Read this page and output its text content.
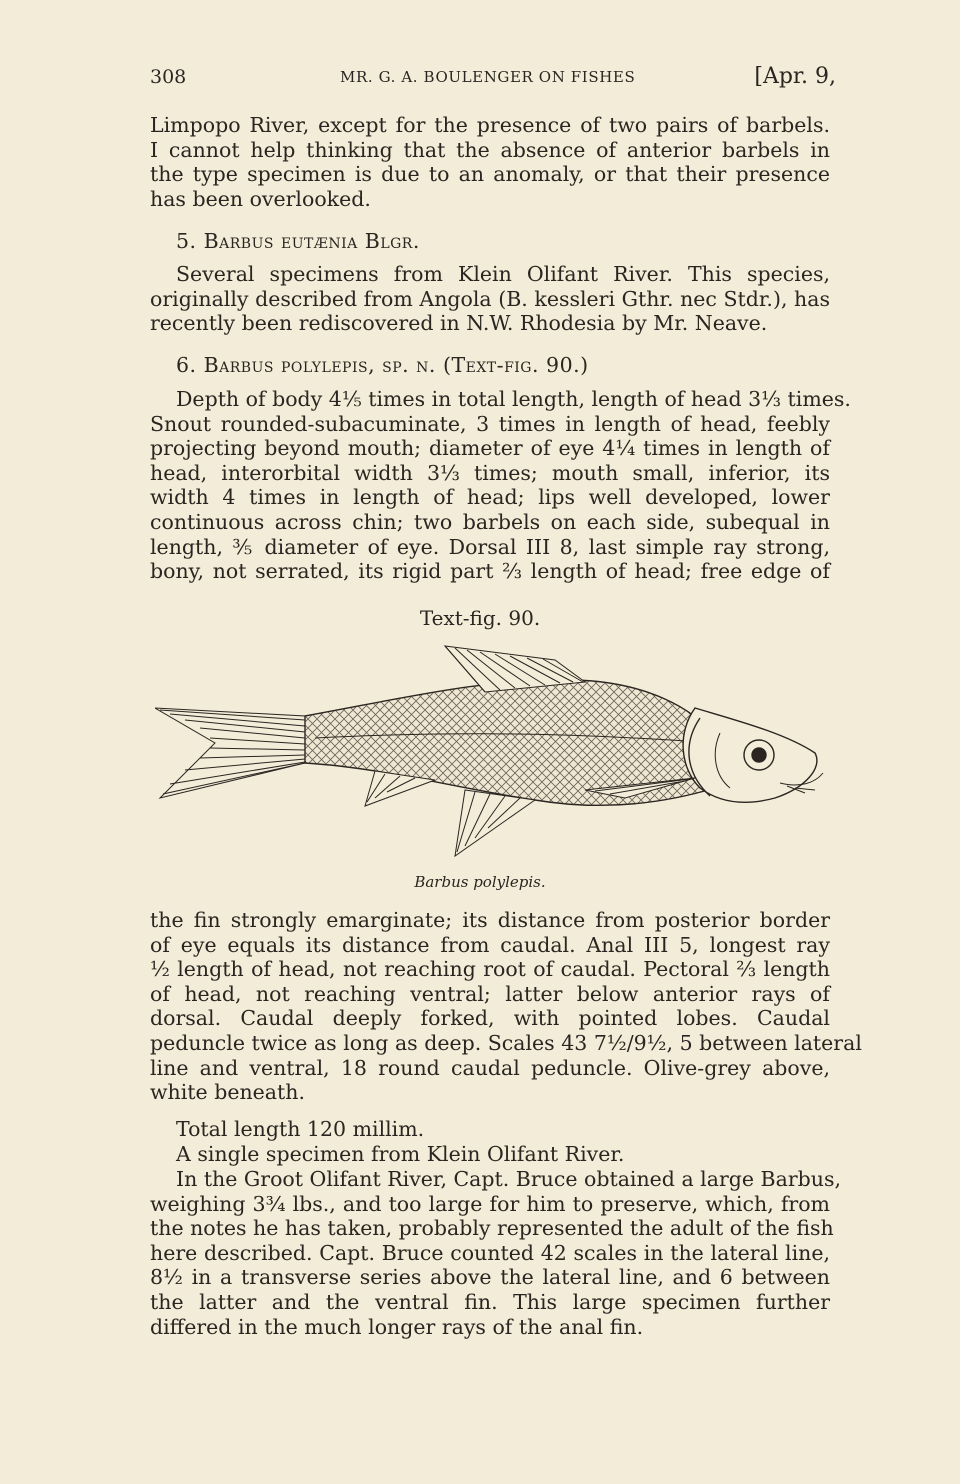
308	MR. G. A. BOULENGER ON FISHES	[Apr. 9,
Limpopo River, except for the presence of two pairs of barbels.
I cannot help thinking that the absence of anterior barbels in
the type specimen is due to an anomaly, or that their presence
has been overlooked.
5. Barbus eutænia Blgr.
Several specimens from Klein Olifant River. This species,
originally described from Angola (B. kessleri Gthr. nec Stdr.), has
recently been rediscovered in N.W. Rhodesia by Mr. Neave.
6. Barbus polylepis, sp. n. (Text-fig. 90.)
Depth of body 4⅕ times in total length, length of head 3⅓ times.
Snout rounded-subacuminate, 3 times in length of head, feebly
projecting beyond mouth; diameter of eye 4¼ times in length of
head, interorbital width 3⅓ times; mouth small, inferior, its
width 4 times in length of head; lips well developed, lower
continuous across chin; two barbels on each side, subequal in
length, ⅗ diameter of eye. Dorsal III 8, last simple ray strong,
bony, not serrated, its rigid part ⅔ length of head; free edge of
Text-fig. 90.
Barbus polylepis.
the fin strongly emarginate; its distance from posterior border
of eye equals its distance from caudal. Anal III 5, longest ray
½ length of head, not reaching root of caudal. Pectoral ⅔ length
of head, not reaching ventral; latter below anterior rays of
dorsal. Caudal deeply forked, with pointed lobes. Caudal
peduncle twice as long as deep. Scales 43 7½/9½, 5 between lateral
line and ventral, 18 round caudal peduncle. Olive-grey above,
white beneath.
Total length 120 millim.
A single specimen from Klein Olifant River.
In the Groot Olifant River, Capt. Bruce obtained a large Barbus,
weighing 3¾ lbs., and too large for him to preserve, which, from
the notes he has taken, probably represented the adult of the fish
here described. Capt. Bruce counted 42 scales in the lateral line,
8½ in a transverse series above the lateral line, and 6 between
the latter and the ventral fin. This large specimen further
differed in the much longer rays of the anal fin.
